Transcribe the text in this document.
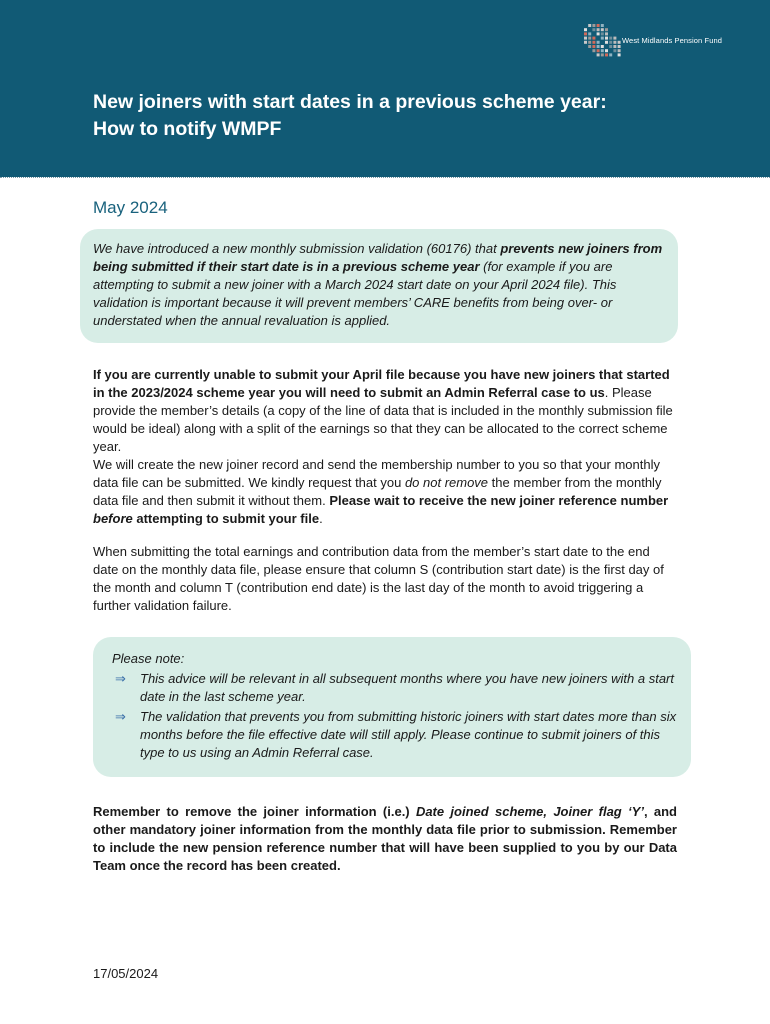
West Midlands Pension Fund
New joiners with start dates in a previous scheme year:
How to notify WMPF
May 2024

We have introduced a new monthly submission validation (60176) that prevents new joiners from being submitted if their start date is in a previous scheme year (for example if you are attempting to submit a new joiner with a March 2024 start date on your April 2024 file). This validation is important because it will prevent members’ CARE benefits from being over- or understated when the annual revaluation is applied.

If you are currently unable to submit your April file because you have new joiners that started in the 2023/2024 scheme year you will need to submit an Admin Referral case to us. Please provide the member’s details (a copy of the line of data that is included in the monthly submission file would be ideal) along with a split of the earnings so that they can be allocated to the correct scheme year.
We will create the new joiner record and send the membership number to you so that your monthly data file can be submitted. We kindly request that you do not remove the member from the monthly data file and then submit it without them. Please wait to receive the new joiner reference number before attempting to submit your file.

When submitting the total earnings and contribution data from the member’s start date to the end date on the monthly data file, please ensure that column S (contribution start date) is the first day of the month and column T (contribution end date) is the last day of the month to avoid triggering a further validation failure.

Please note:
⇒ This advice will be relevant in all subsequent months where you have new joiners with a start date in the last scheme year.
⇒ The validation that prevents you from submitting historic joiners with start dates more than six months before the file effective date will still apply. Please continue to submit joiners of this type to us using an Admin Referral case.

Remember to remove the joiner information (i.e.) Date joined scheme, Joiner flag ‘Y’, and other mandatory joiner information from the monthly data file prior to submission. Remember to include the new pension reference number that will have been supplied to you by our Data Team once the record has been created.

17/05/2024
